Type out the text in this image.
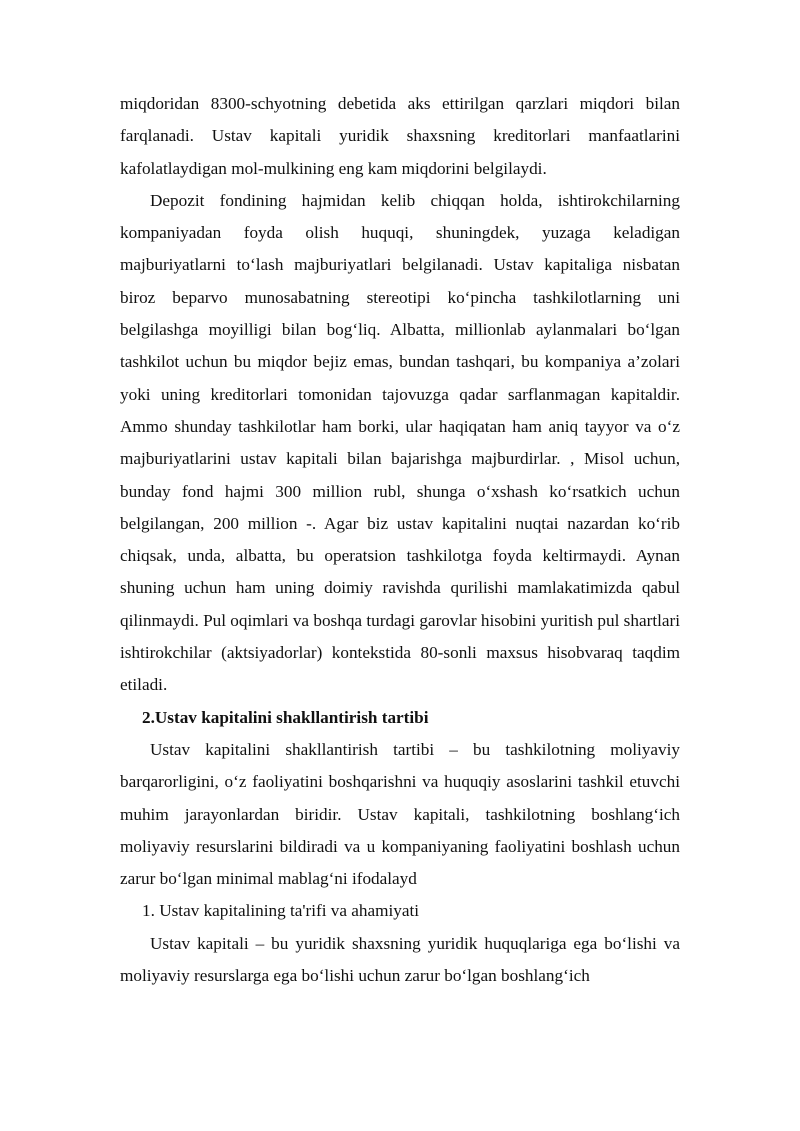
miqdoridan 8300-schyotning debetida aks ettirilgan qarzlari miqdori bilan farqlanadi. Ustav kapitali yuridik shaxsning kreditorlari manfaatlarini kafolatlaydigan mol-mulkining eng kam miqdorini belgilaydi.

Depozit fondining hajmidan kelib chiqqan holda, ishtirokchilarning kompaniyadan foyda olish huquqi, shuningdek, yuzaga keladigan majburiyatlarni to‘lash majburiyatlari belgilanadi. Ustav kapitaliga nisbatan biroz beparvo munosabatning stereotipi ko‘pincha tashkilotlarning uni belgilashga moyilligi bilan bog‘liq. Albatta, millionlab aylanmalari bo‘lgan tashkilot uchun bu miqdor bejiz emas, bundan tashqari, bu kompaniya a’zolari yoki uning kreditorlari tomonidan tajovuzga qadar sarflanmagan kapitaldir. Ammo shunday tashkilotlar ham borki, ular haqiqatan ham aniq tayyor va o‘z majburiyatlarini ustav kapitali bilan bajarishga majburdirlar. , Misol uchun, bunday fond hajmi 300 million rubl, shunga o‘xshash ko‘rsatkich uchun belgilangan, 200 million -. Agar biz ustav kapitalini nuqtai nazardan ko‘rib chiqsak, unda, albatta, bu operatsion tashkilotga foyda keltirmaydi. Aynan shuning uchun ham uning doimiy ravishda qurilishi mamlakatimizda qabul qilinmaydi. Pul oqimlari va boshqa turdagi garovlar hisobini yuritish pul shartlari ishtirokchilar (aktsiyadorlar) kontekstida 80-sonli maxsus hisobvaraq taqdim etiladi.

2.Ustav kapitalini shakllantirish tartibi

Ustav kapitalini shakllantirish tartibi – bu tashkilotning moliyaviy barqarorligini, o‘z faoliyatini boshqarishni va huquqiy asoslarini tashkil etuvchi muhim jarayonlardan biridir. Ustav kapitali, tashkilotning boshlang‘ich moliyaviy resurslarini bildiradi va u kompaniyaning faoliyatini boshlash uchun zarur bo‘lgan minimal mablag‘ni ifodalayd

1. Ustav kapitalining ta'rifi va ahamiyati

Ustav kapitali – bu yuridik shaxsning yuridik huquqlariga ega bo‘lishi va moliyaviy resurslarga ega bo‘lishi uchun zarur bo‘lgan boshlang‘ich
